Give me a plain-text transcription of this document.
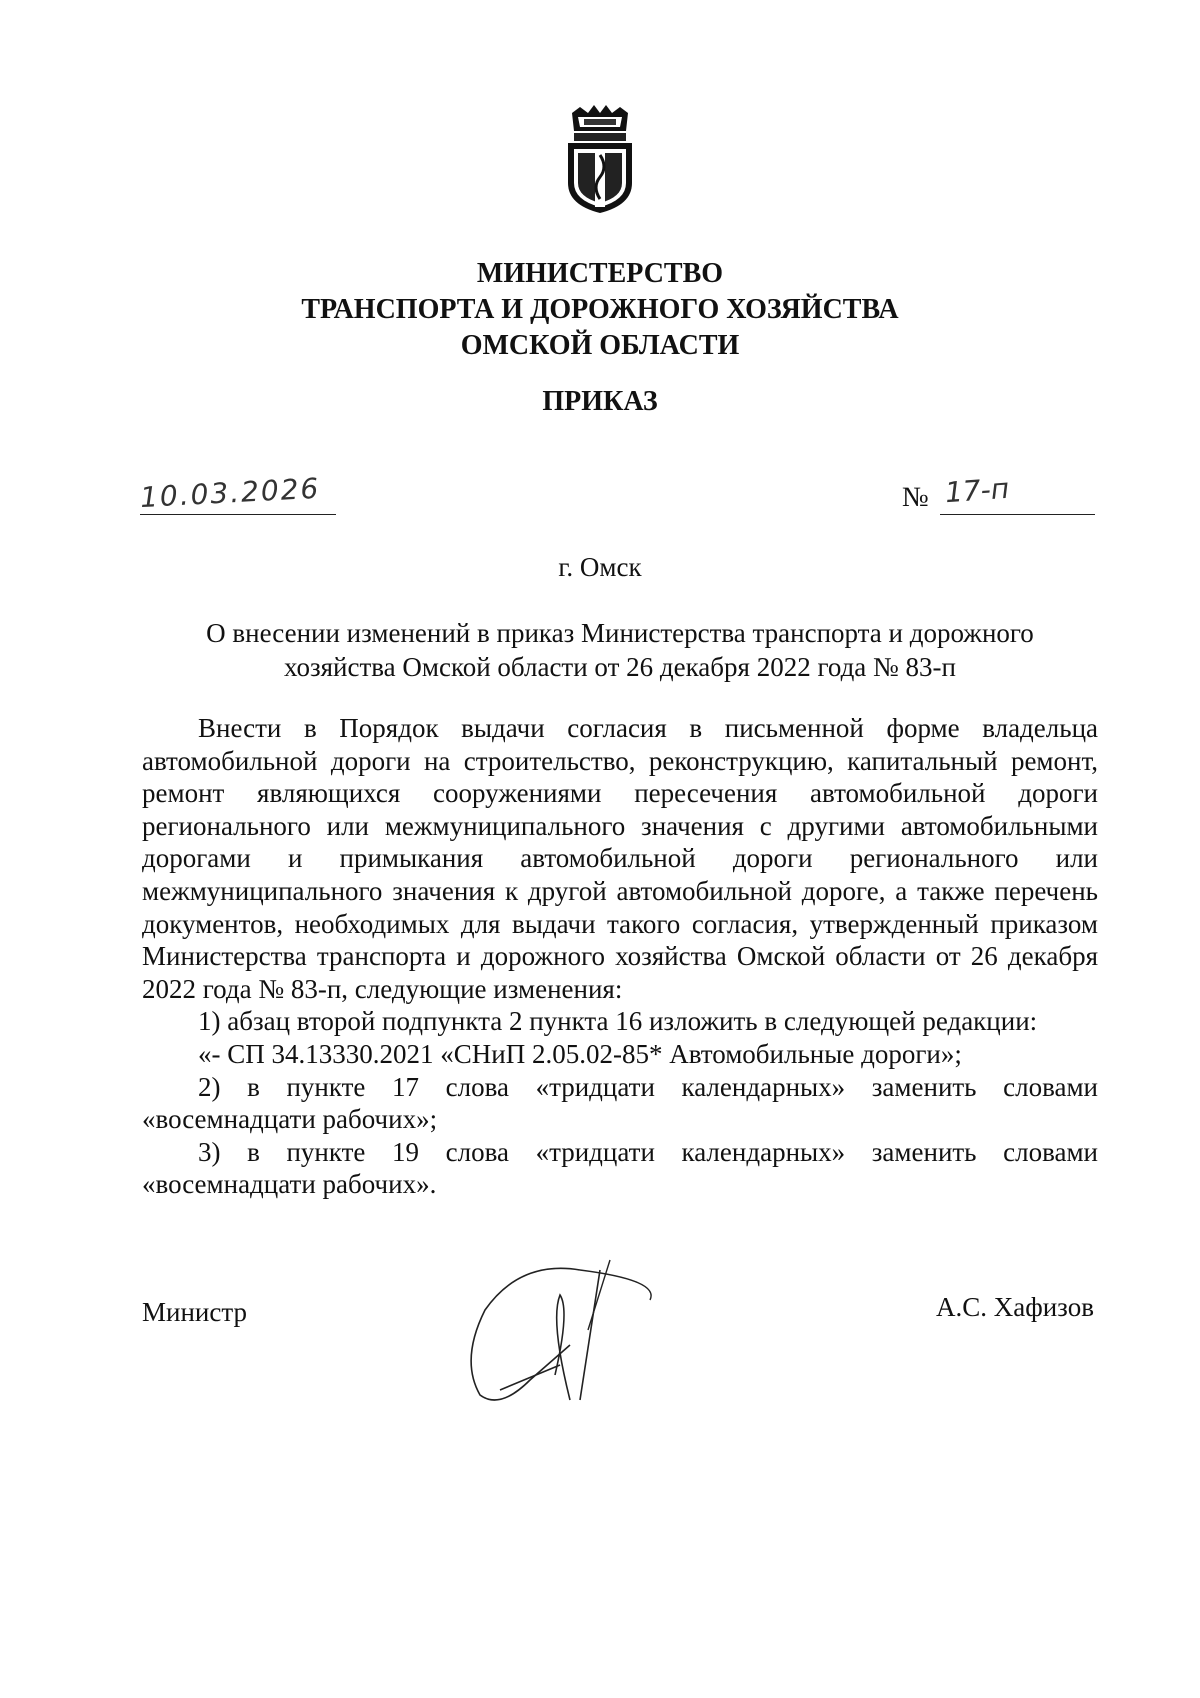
МИНИСТЕРСТВО
ТРАНСПОРТА И ДОРОЖНОГО ХОЗЯЙСТВА
ОМСКОЙ ОБЛАСТИ
ПРИКАЗ
10.03.2026	№ 17-п
г. Омск
О внесении изменений в приказ Министерства транспорта и дорожного
хозяйства Омской области от 26 декабря 2022 года № 83-п

Внести в Порядок выдачи согласия в письменной форме владельца автомобильной дороги на строительство, реконструкцию, капитальный ремонт, ремонт являющихся сооружениями пересечения автомобильной дороги регионального или межмуниципального значения с другими автомобильными дорогами и примыкания автомобильной дороги регионального или межмуниципального значения к другой автомобильной дороге, а также перечень документов, необходимых для выдачи такого согласия, утвержденный приказом Министерства транспорта и дорожного хозяйства Омской области от 26 декабря 2022 года № 83-п, следующие изменения:

1) абзац второй подпункта 2 пункта 16 изложить в следующей редакции:

«- СП 34.13330.2021 «СНиП 2.05.02-85* Автомобильные дороги»;

2) в пункте 17 слова «тридцати календарных» заменить словами «восемнадцати рабочих»;

3) в пункте 19 слова «тридцати календарных» заменить словами «восемнадцати рабочих».

Министр	А.С. Хафизов
